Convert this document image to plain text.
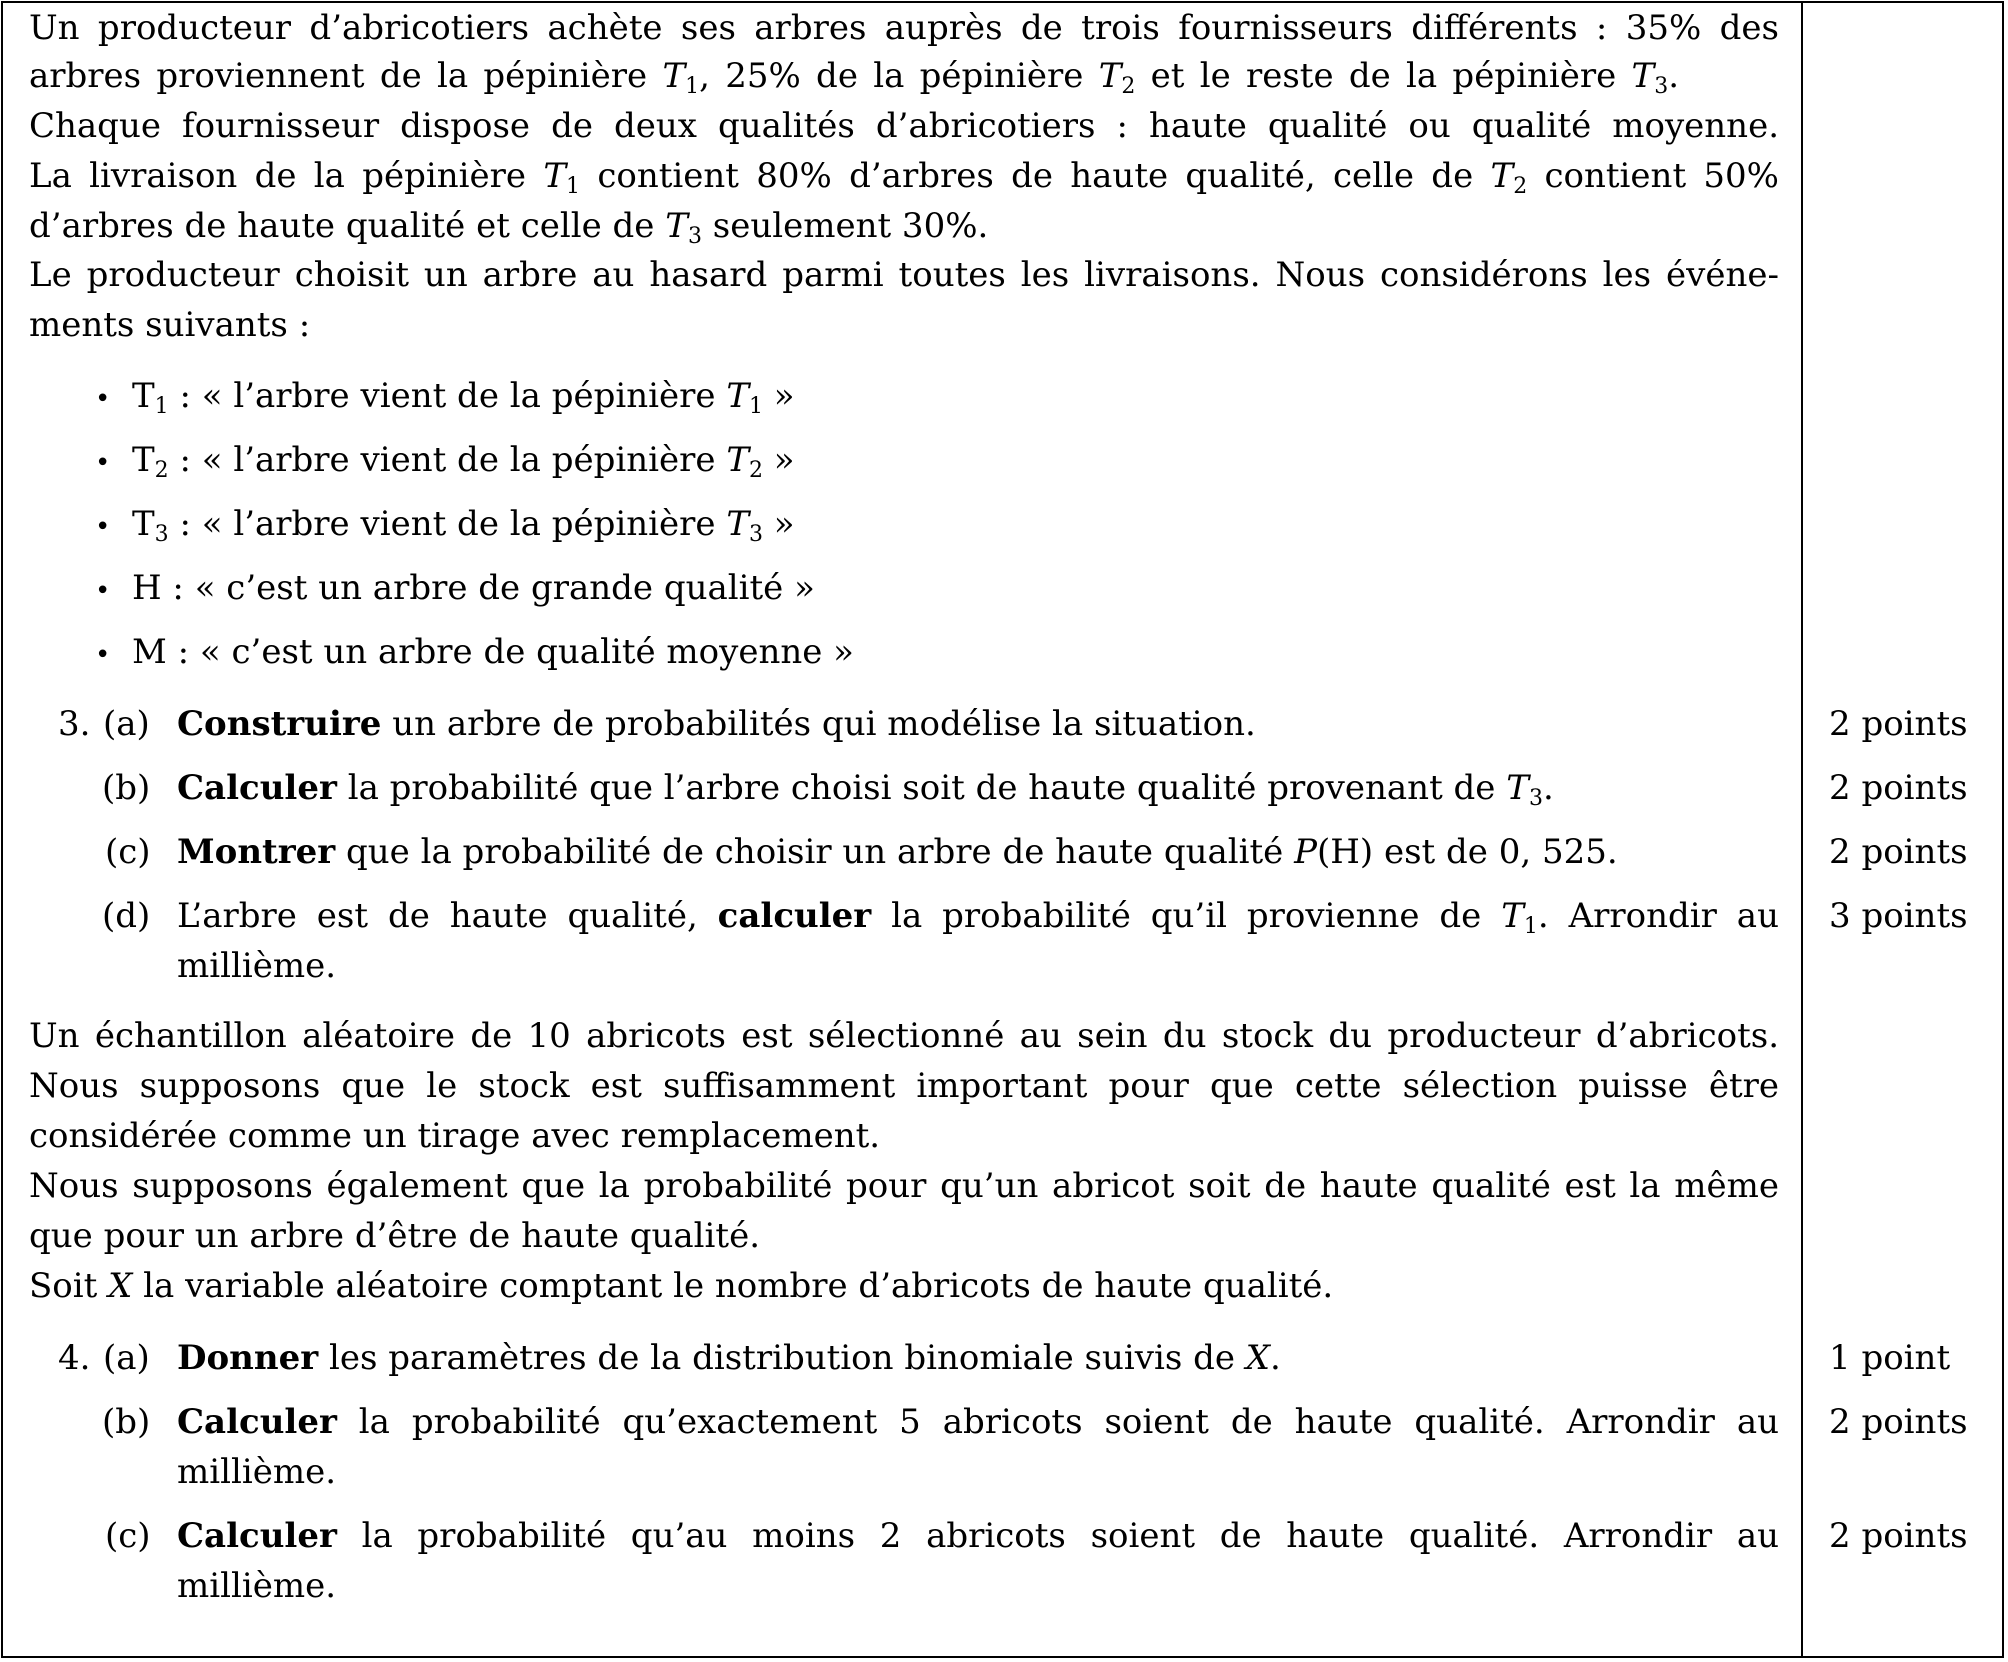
Un producteur d’abricotiers achète ses arbres auprès de trois fournisseurs différents : 35% des
arbres proviennent de la pépinière $T_1$, 25% de la pépinière $T_2$ et le reste de la pépinière $T_3$.
Chaque fournisseur dispose de deux qualités d’abricotiers : haute qualité ou qualité moyenne.
La livraison de la pépinière $T_1$ contient 80% d’arbres de haute qualité, celle de $T_2$ contient 50%
d’arbres de haute qualité et celle de $T_3$ seulement 30%.
Le producteur choisit un arbre au hasard parmi toutes les livraisons. Nous considérons les événe-
ments suivants :
• $T_1$ : « l’arbre vient de la pépinière $T_1$ »
• $T_2$ : « l’arbre vient de la pépinière $T_2$ »
• $T_3$ : « l’arbre vient de la pépinière $T_3$ »
• H : « c’est un arbre de grande qualité »
• M : « c’est un arbre de qualité moyenne »
3. (a) Construire un arbre de probabilités qui modélise la situation.	2 points
(b) Calculer la probabilité que l’arbre choisi soit de haute qualité provenant de $T_3$.	2 points
(c) Montrer que la probabilité de choisir un arbre de haute qualité P(H) est de 0, 525.	2 points
(d) L’arbre est de haute qualité, calculer la probabilité qu’il provienne de $T_1$. Arrondir au
millième.
3 points
Un échantillon aléatoire de 10 abricots est sélectionné au sein du stock du producteur d’abricots.
Nous supposons que le stock est suffisamment important pour que cette sélection puisse être
considérée comme un tirage avec remplacement.
Nous supposons également que la probabilité pour qu’un abricot soit de haute qualité est la même
que pour un arbre d’être de haute qualité.
Soit X la variable aléatoire comptant le nombre d’abricots de haute qualité.
4. (a) Donner les paramètres de la distribution binomiale suivis de X.	1 point
(b) Calculer la probabilité qu’exactement 5 abricots soient de haute qualité. Arrondir au
millième.
2 points
(c) Calculer la probabilité qu’au moins 2 abricots soient de haute qualité. Arrondir au
millième.
2 points
